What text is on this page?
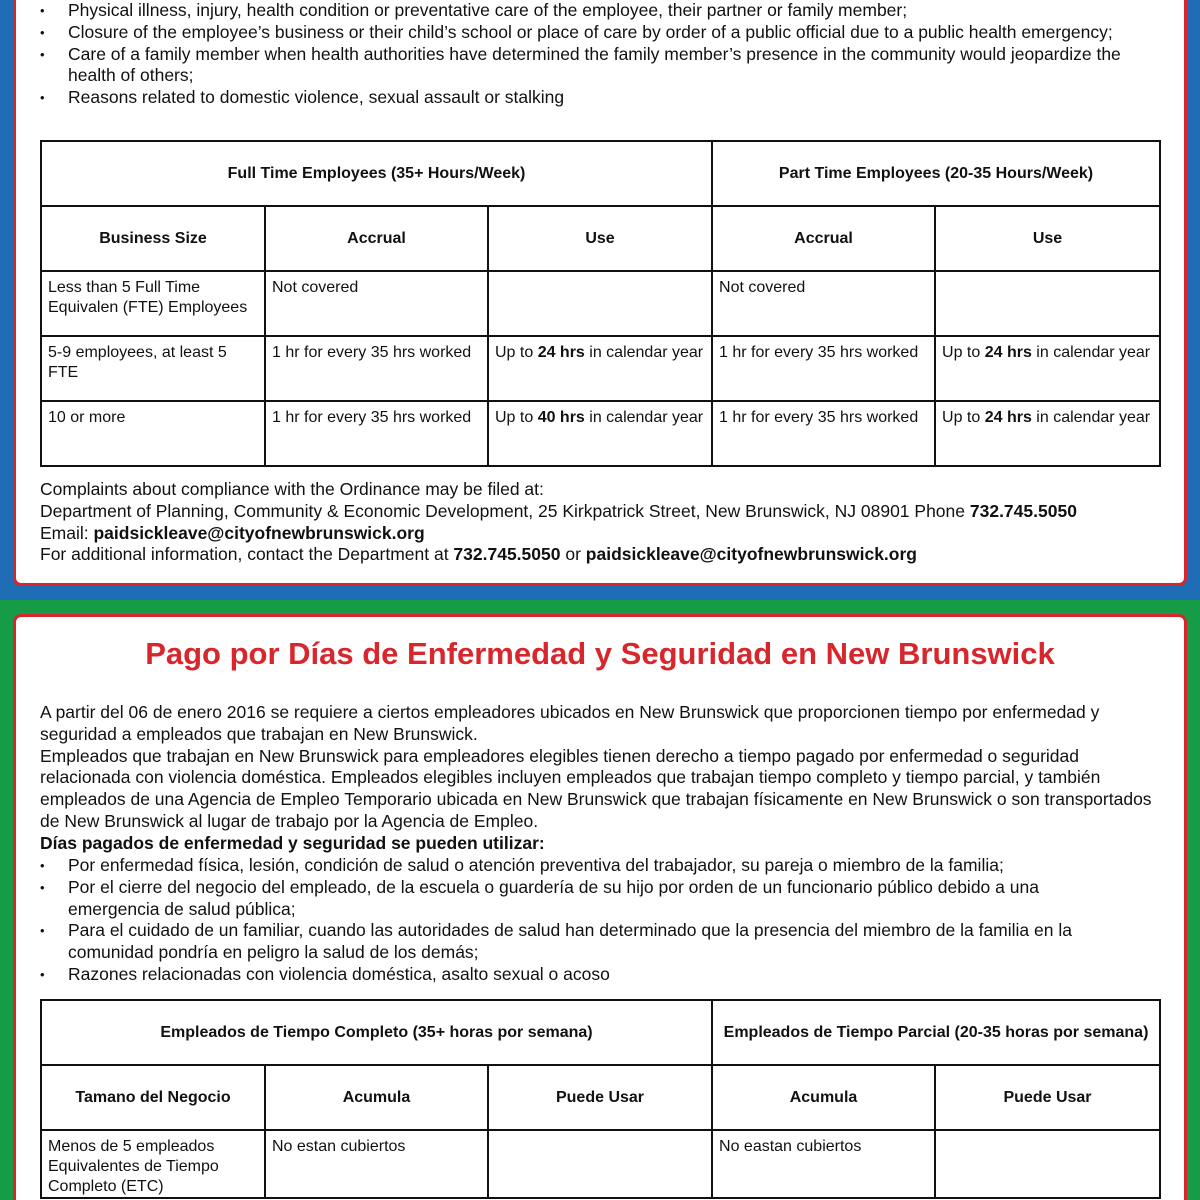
• Physical illness, injury, health condition or preventative care of the employee, their partner or family member;
• Closure of the employee’s business or their child’s school or place of care by order of a public official due to a public health emergency;
• Care of a family member when health authorities have determined the family member’s presence in the community would jeopardize the health of others;
• Reasons related to domestic violence, sexual assault or stalking
Full Time Employees (35+ Hours/Week)			Part Time Employees (20-35 Hours/Week)	
Business Size	Accrual	Use	Accrual	Use
Less than 5 Full Time Equivalen (FTE) Employees	Not covered		Not covered	
5-9 employees, at least 5 FTE	1 hr for every 35 hrs worked	Up to 24 hrs in calendar year	1 hr for every 35 hrs worked	Up to 24 hrs in calendar year
10 or more	1 hr for every 35 hrs worked	Up to 40 hrs in calendar year	1 hr for every 35 hrs worked	Up to 24 hrs in calendar year

Complaints about compliance with the Ordinance may be filed at:

Department of Planning, Community & Economic Development, 25 Kirkpatrick Street, New Brunswick, NJ 08901 Phone 732.745.5050

Email: paidsickleave@cityofnewbrunswick.org

For additional information, contact the Department at 732.745.5050 or paidsickleave@cityofnewbrunswick.org

Pago por Días de Enfermedad y Seguridad en New Brunswick

A partir del 06 de enero 2016 se requiere a ciertos empleadores ubicados en New Brunswick que proporcionen tiempo por enfermedad y seguridad a empleados que trabajan en New Brunswick.

Empleados que trabajan en New Brunswick para empleadores elegibles tienen derecho a tiempo pagado por enfermedad o seguridad relacionada con violencia doméstica. Empleados elegibles incluyen empleados que trabajan tiempo completo y tiempo parcial, y también empleados de una Agencia de Empleo Temporario ubicada en New Brunswick que trabajan físicamente en New Brunswick o son transportados de New Brunswick al lugar de trabajo por la Agencia de Empleo.

Días pagados de enfermedad y seguridad se pueden utilizar:

• Por enfermedad física, lesión, condición de salud o atención preventiva del trabajador, su pareja o miembro de la familia;
• Por el cierre del negocio del empleado, de la escuela o guardería de su hijo por orden de un funcionario público debido a una emergencia de salud pública;
• Para el cuidado de un familiar, cuando las autoridades de salud han determinado que la presencia del miembro de la familia en la comunidad pondría en peligro la salud de los demás;
• Razones relacionadas con violencia doméstica, asalto sexual o acoso
Empleados de Tiempo Completo (35+ horas por semana)			Empleados de Tiempo Parcial (20-35 horas por semana)	
Tamano del Negocio	Acumula	Puede Usar	Acumula	Puede Usar
Menos de 5 empleados Equivalentes de Tiempo Completo (ETC)	No estan cubiertos		No eastan cubiertos	
